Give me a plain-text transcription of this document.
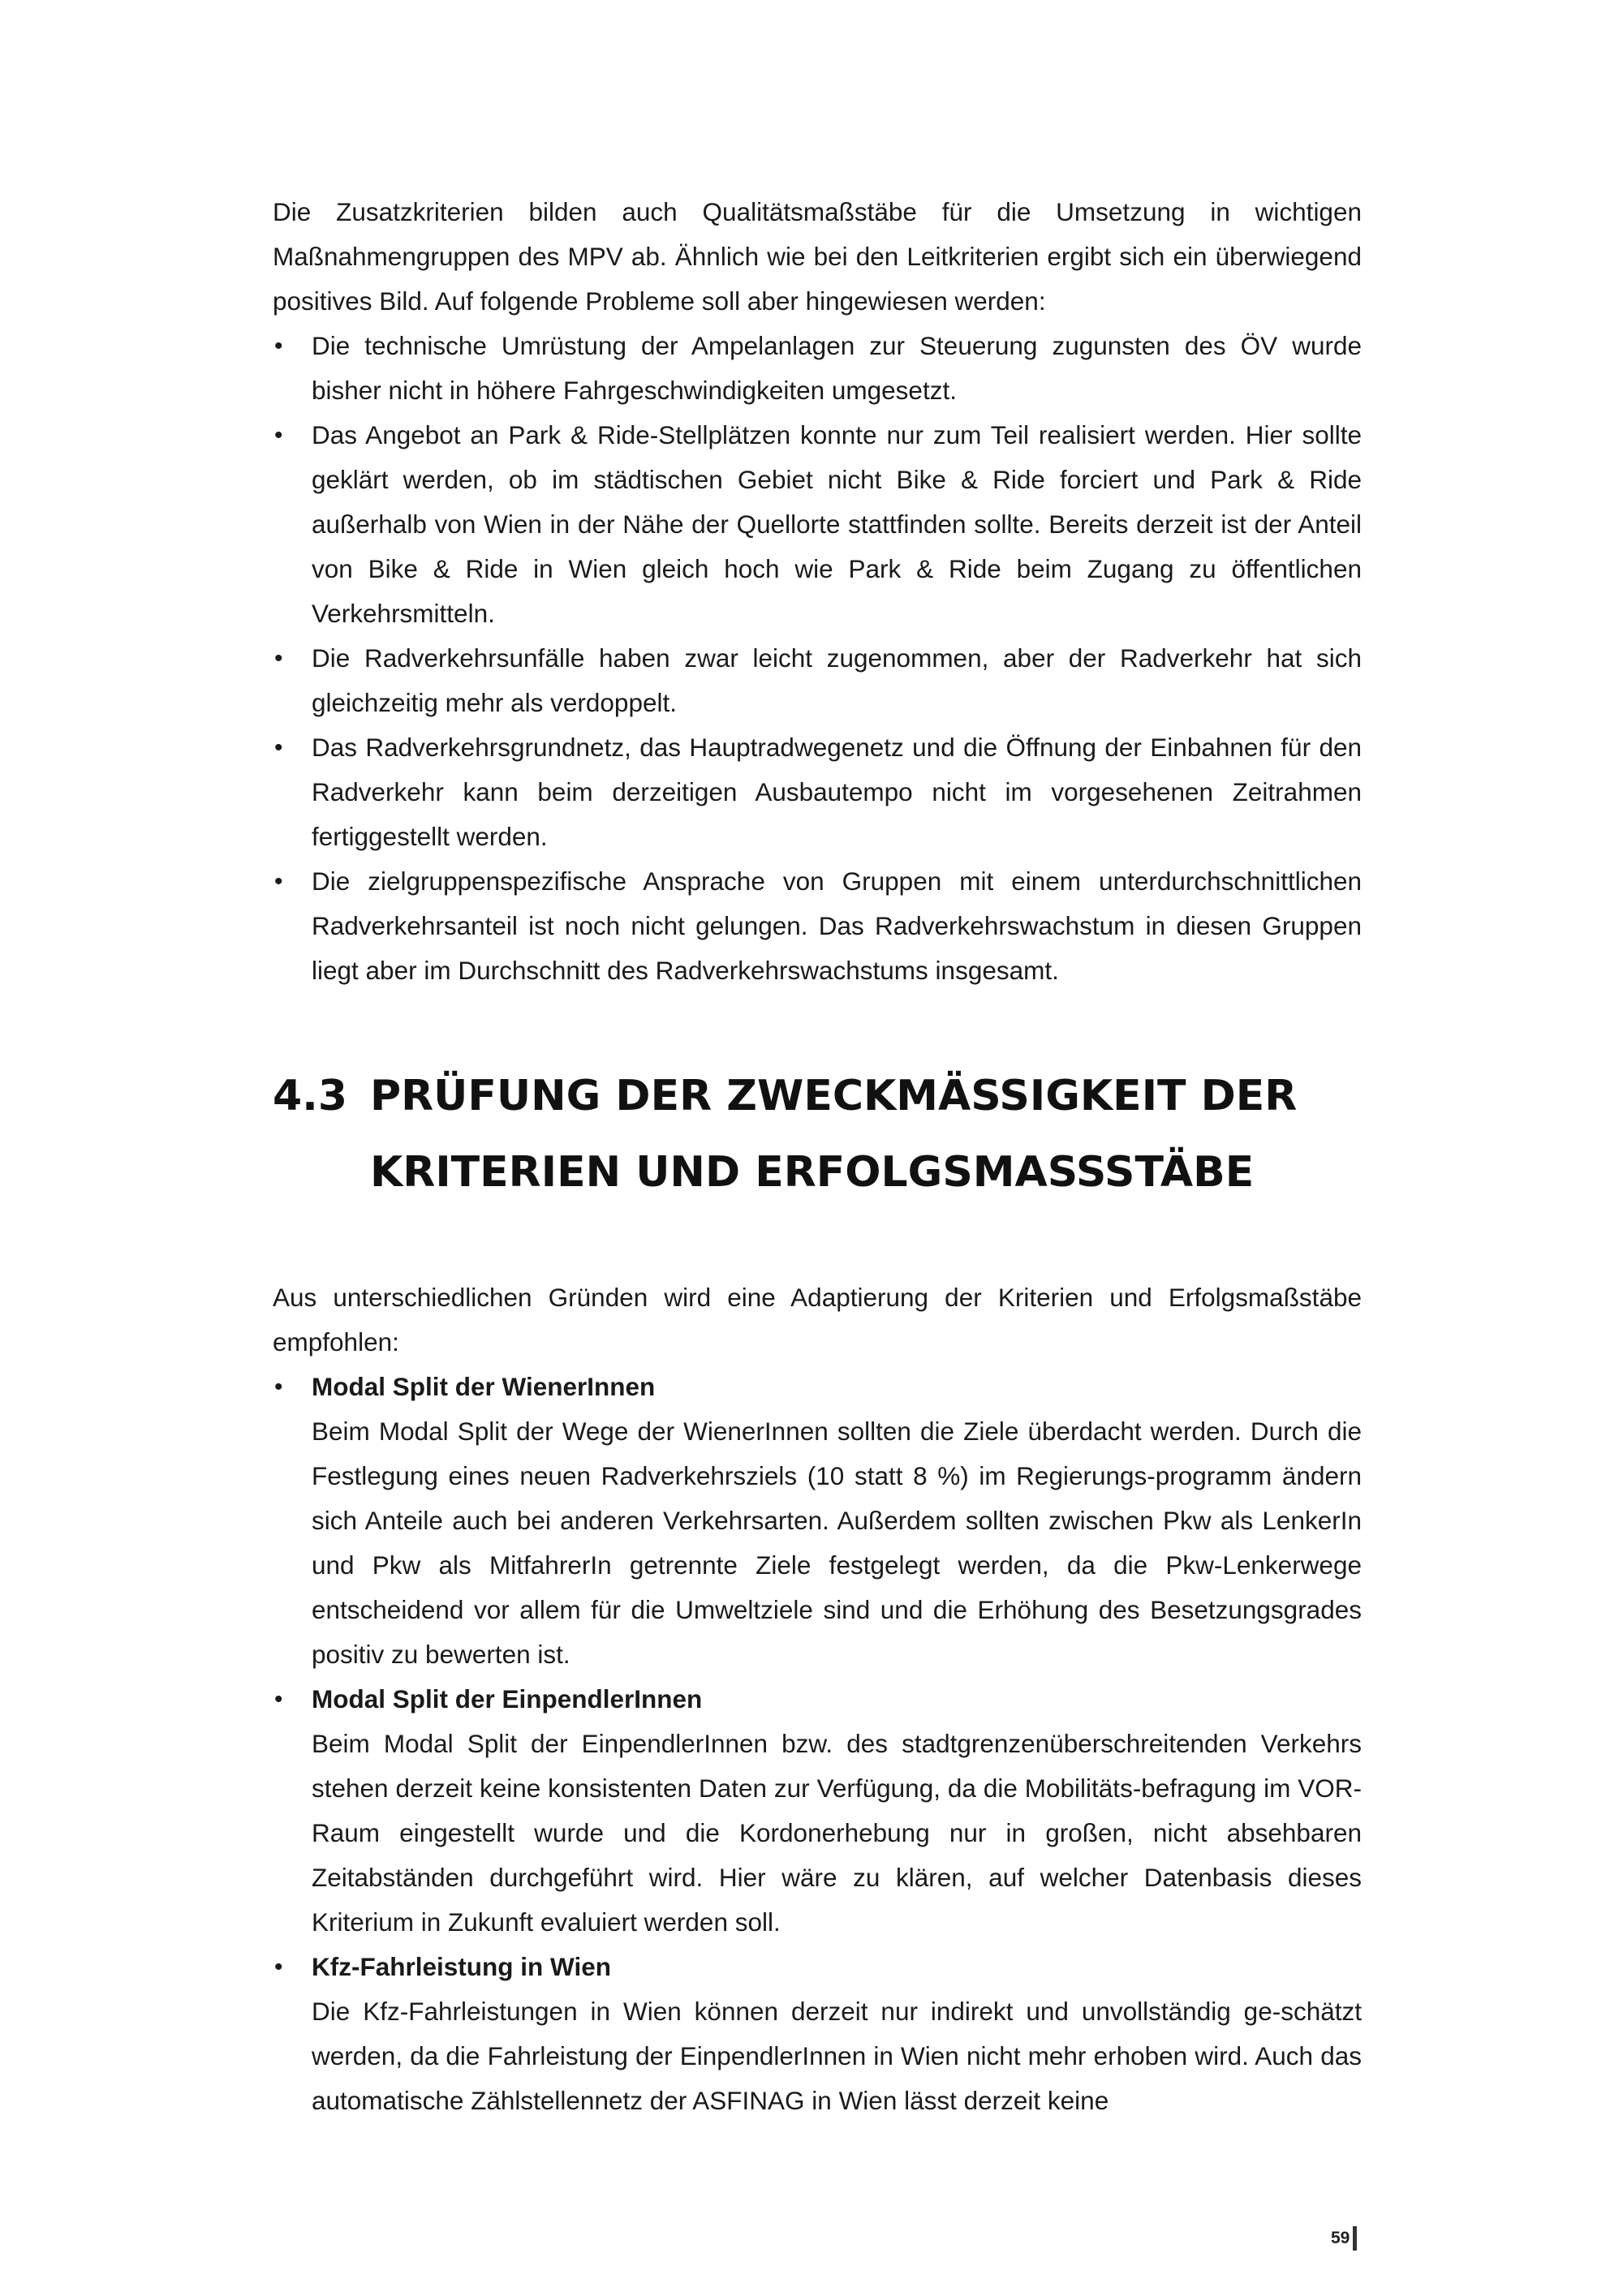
Die Zusatzkriterien bilden auch Qualitätsmaßstäbe für die Umsetzung in wichtigen Maßnahmengruppen des MPV ab. Ähnlich wie bei den Leitkriterien ergibt sich ein überwiegend positives Bild. Auf folgende Probleme soll aber hingewiesen werden:

•	Die technische Umrüstung der Ampelanlagen zur Steuerung zugunsten des ÖV wurde bisher nicht in höhere Fahrgeschwindigkeiten umgesetzt.
•	Das Angebot an Park & Ride-Stellplätzen konnte nur zum Teil realisiert werden. Hier sollte geklärt werden, ob im städtischen Gebiet nicht Bike & Ride forciert und Park & Ride außerhalb von Wien in der Nähe der Quellorte stattfinden sollte. Bereits derzeit ist der Anteil von Bike & Ride in Wien gleich hoch wie Park & Ride beim Zugang zu öffentlichen Verkehrsmitteln.
•	Die Radverkehrsunfälle haben zwar leicht zugenommen, aber der Radverkehr hat sich gleichzeitig mehr als verdoppelt.
•	Das Radverkehrsgrundnetz, das Hauptradwegenetz und die Öffnung der Einbahnen für den Radverkehr kann beim derzeitigen Ausbautempo nicht im vorgesehenen Zeitrahmen fertiggestellt werden.
•	Die zielgruppenspezifische Ansprache von Gruppen mit einem unterdurchschnittlichen Radverkehrsanteil ist noch nicht gelungen. Das Radverkehrswachstum in diesen Gruppen liegt aber im Durchschnitt des Radverkehrswachstums insgesamt.
4.3 PRÜFUNG DER ZWECKMÄSSIGKEIT DER KRITERIEN UND ERFOLGSMASSSTÄBE

Aus unterschiedlichen Gründen wird eine Adaptierung der Kriterien und Erfolgsmaßstäbe empfohlen:

•	Modal Split der WienerInnen
Beim Modal Split der Wege der WienerInnen sollten die Ziele überdacht werden. Durch die Festlegung eines neuen Radverkehrsziels (10 statt 8 %) im Regierungs-programm ändern sich Anteile auch bei anderen Verkehrsarten. Außerdem sollten zwischen Pkw als LenkerIn und Pkw als MitfahrerIn getrennte Ziele festgelegt werden, da die Pkw-Lenkerwege entscheidend vor allem für die Umweltziele sind und die Erhöhung des Besetzungsgrades positiv zu bewerten ist.
•	Modal Split der EinpendlerInnen
Beim Modal Split der EinpendlerInnen bzw. des stadtgrenzenüberschreitenden Verkehrs stehen derzeit keine konsistenten Daten zur Verfügung, da die Mobilitäts-befragung im VOR-Raum eingestellt wurde und die Kordonerhebung nur in großen, nicht absehbaren Zeitabständen durchgeführt wird. Hier wäre zu klären, auf welcher Datenbasis dieses Kriterium in Zukunft evaluiert werden soll.
•	Kfz-Fahrleistung in Wien
Die Kfz-Fahrleistungen in Wien können derzeit nur indirekt und unvollständig ge-schätzt werden, da die Fahrleistung der EinpendlerInnen in Wien nicht mehr erhoben wird. Auch das automatische Zählstellennetz der ASFINAG in Wien lässt derzeit keine
59
